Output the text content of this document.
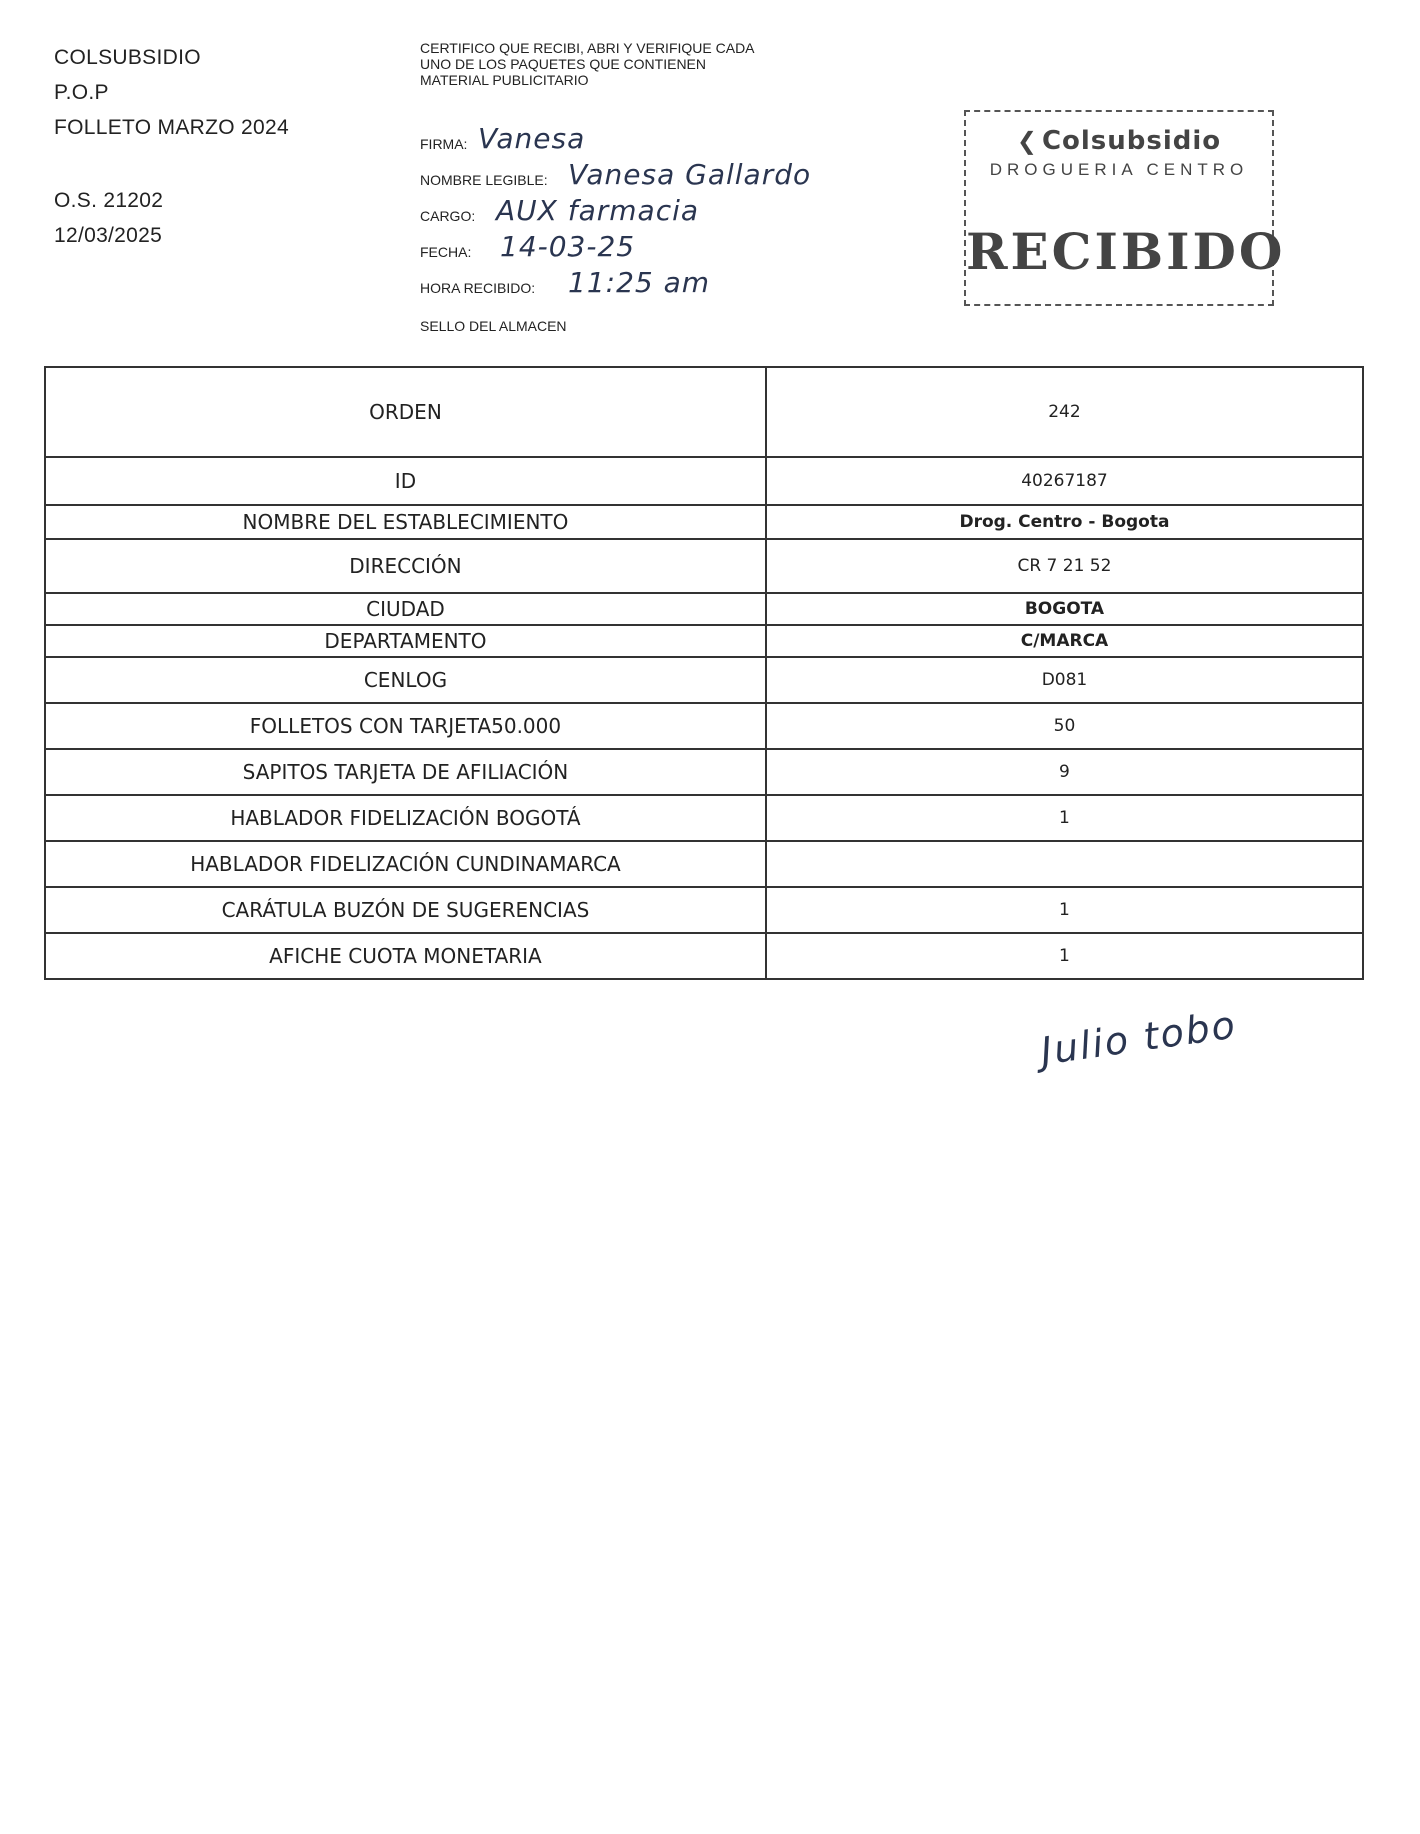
COLSUBSIDIO
P.O.P
FOLLETO MARZO 2024
O.S. 21202
12/03/2025
CERTIFICO QUE RECIBI, ABRI Y VERIFIQUE CADA UNO DE LOS PAQUETES QUE CONTIENEN MATERIAL PUBLICITARIO
FIRMA: Vanesa
NOMBRE LEGIBLE: Vanesa Gallardo
CARGO: AUX farmacia
FECHA: 14-03-25
HORA RECIBIDO: 11:25 am
SELLO DEL ALMACEN
❮ Colsubsidio
DROGUERIA CENTRO
RECIBIDO
ORDEN	242
ID	40267187
NOMBRE DEL ESTABLECIMIENTO	Drog. Centro - Bogota
DIRECCIÓN	CR 7 21 52
CIUDAD	BOGOTA
DEPARTAMENTO	C/MARCA
CENLOG	D081
FOLLETOS CON TARJETA50.000	50
SAPITOS TARJETA DE AFILIACIÓN	9
HABLADOR FIDELIZACIÓN BOGOTÁ	1
HABLADOR FIDELIZACIÓN CUNDINAMARCA	
CARÁTULA BUZÓN DE SUGERENCIAS	1
AFICHE CUOTA MONETARIA	1
Julio tobo
